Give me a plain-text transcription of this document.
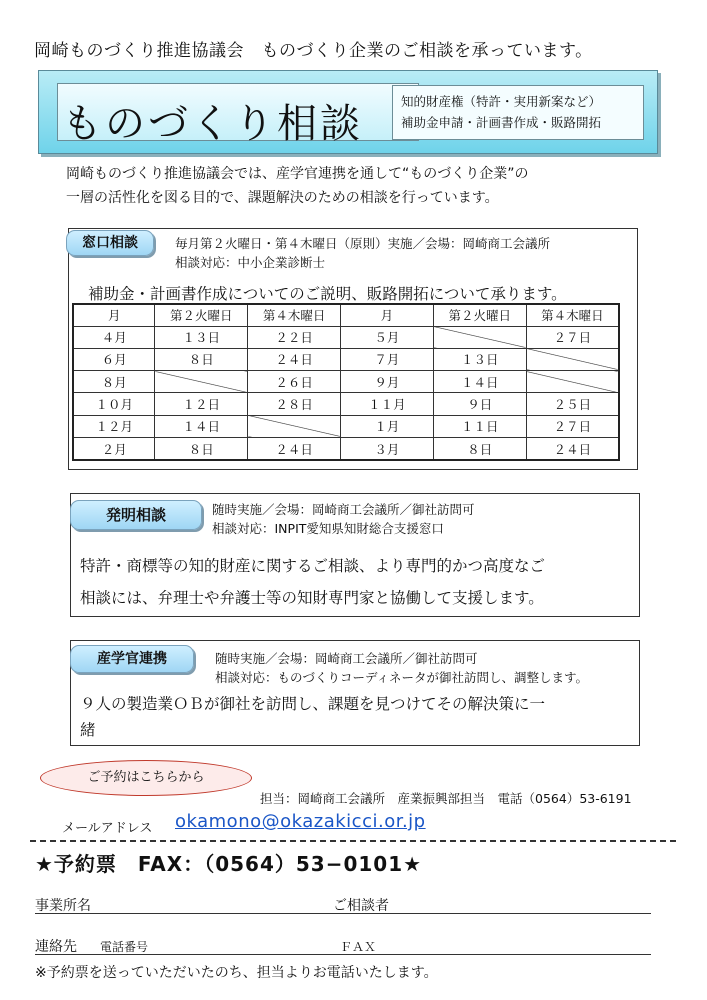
岡崎ものづくり推進協議会　ものづくり企業のご相談を承っています。
ものづくり相談	知的財産権（特許・実用新案など）
補助金申請・計画書作成・販路開拓
岡崎ものづくり推進協議会では、産学官連携を通して“ものづくり企業”の
一層の活性化を図る目的で、課題解決のための相談を行っています。
窓口相談	毎月第２火曜日・第４木曜日（原則）実施／会場：岡崎商工会議所
相談対応：中小企業診断士
補助金・計画書作成についてのご説明、販路開拓について承ります。
月	第２火曜日	第４木曜日	月	第２火曜日	第４木曜日
４月	１３日	２２日	５月		２７日
６月	８日	２４日	７月	１３日	
８月		２６日	９月	１４日	
１０月	１２日	２８日	１１月	９日	２５日
１２月	１４日		１月	１１日	２７日
２月	８日	２４日	３月	８日	２４日
発明相談	随時実施／会場：岡崎商工会議所／御社訪問可
相談対応：INPIT愛知県知財総合支援窓口
特許・商標等の知的財産に関するご相談、より専門的かつ高度なご
相談には、弁理士や弁護士等の知財専門家と協働して支援します。
産学官連携	随時実施／会場：岡崎商工会議所／御社訪問可
相談対応：ものづくりコーディネータが御社訪問し、調整します。
９人の製造業ＯＢが御社を訪問し、課題を見つけてその解決策に一
緒
ご予約はこちらから
担当：岡崎商工会議所　産業振興部担当　電話（0564）53-6191
メールアドレス okamono@okazakicci.or.jp
★予約票　FAX：（0564）53−0101★
事業所名	ご相談者
連絡先 電話番号	ＦＡＸ
※予約票を送っていただいたのち、担当よりお電話いたします。
